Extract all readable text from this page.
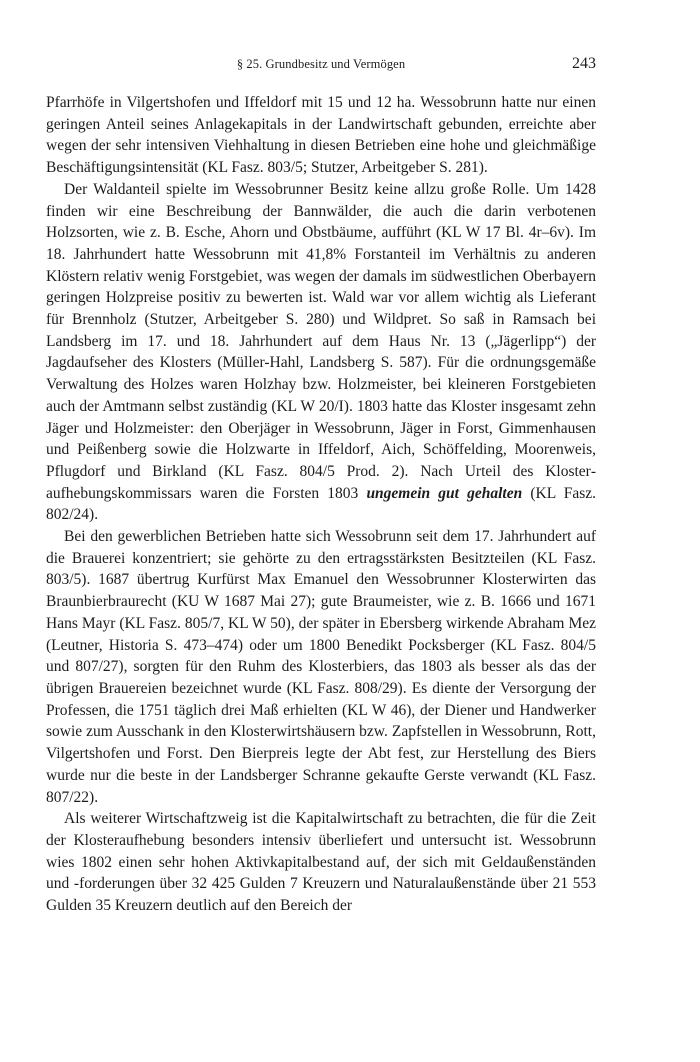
§ 25. Grundbesitz und Vermögen	243

Pfarrhöfe in Vilgertshofen und Iffeldorf mit 15 und 12 ha. Wessobrunn hatte nur einen geringen Anteil seines Anlagekapitals in der Landwirtschaft gebunden, erreichte aber wegen der sehr intensiven Viehhaltung in diesen Betrieben eine hohe und gleichmäßige Beschäftigungsintensität (KL Fasz. 803/5; Stutzer, Arbeitgeber S. 281).

Der Waldanteil spielte im Wessobrunner Besitz keine allzu große Rolle. Um 1428 finden wir eine Beschreibung der Bannwälder, die auch die darin verbotenen Holzsorten, wie z. B. Esche, Ahorn und Obstbäume, aufführt (KL W 17 Bl. 4r–6v). Im 18. Jahrhundert hatte Wessobrunn mit 41,8% Forstanteil im Verhältnis zu anderen Klöstern relativ wenig Forstgebiet, was wegen der damals im südwestlichen Oberbayern geringen Holzpreise positiv zu bewerten ist. Wald war vor allem wichtig als Lieferant für Brennholz (Stutzer, Arbeitgeber S. 280) und Wildpret. So saß in Ramsach bei Landsberg im 17. und 18. Jahrhundert auf dem Haus Nr. 13 („Jägerlipp“) der Jagdaufseher des Klosters (Müller-Hahl, Landsberg S. 587). Für die ordnungsgemäße Verwaltung des Holzes waren Holzhay bzw. Holzmeister, bei kleineren Forstgebieten auch der Amtmann selbst zuständig (KL W 20/I). 1803 hatte das Kloster insgesamt zehn Jäger und Holzmeister: den Oberjäger in Wessobrunn, Jäger in Forst, Gimmenhausen und Peißenberg sowie die Holzwarte in Iffeldorf, Aich, Schöffelding, Moorenweis, Pflugdorf und Birkland (KL Fasz. 804/5 Prod. 2). Nach Urteil des Klosteraufhebungskommissars waren die Forsten 1803 ungemein gut gehalten (KL Fasz. 802/24).

Bei den gewerblichen Betrieben hatte sich Wessobrunn seit dem 17. Jahrhundert auf die Brauerei konzentriert; sie gehörte zu den ertragsstärksten Besitzteilen (KL Fasz. 803/5). 1687 übertrug Kurfürst Max Emanuel den Wessobrunner Klosterwirten das Braunbierbraurecht (KU W 1687 Mai 27); gute Braumeister, wie z. B. 1666 und 1671 Hans Mayr (KL Fasz. 805/7, KL W 50), der später in Ebersberg wirkende Abraham Mez (Leutner, Historia S. 473–474) oder um 1800 Benedikt Pocksberger (KL Fasz. 804/5 und 807/27), sorgten für den Ruhm des Klosterbiers, das 1803 als besser als das der übrigen Brauereien bezeichnet wurde (KL Fasz. 808/29). Es diente der Versorgung der Professen, die 1751 täglich drei Maß erhielten (KL W 46), der Diener und Handwerker sowie zum Ausschank in den Klosterwirtshäusern bzw. Zapfstellen in Wessobrunn, Rott, Vilgertshofen und Forst. Den Bierpreis legte der Abt fest, zur Herstellung des Biers wurde nur die beste in der Landsberger Schranne gekaufte Gerste verwandt (KL Fasz. 807/22).

Als weiterer Wirtschaftzweig ist die Kapitalwirtschaft zu betrachten, die für die Zeit der Klosteraufhebung besonders intensiv überliefert und untersucht ist. Wessobrunn wies 1802 einen sehr hohen Aktivkapitalbestand auf, der sich mit Geldaußenständen und -forderungen über 32 425 Gulden 7 Kreuzern und Naturalaußenstände über 21 553 Gulden 35 Kreuzern deutlich auf den Bereich der
